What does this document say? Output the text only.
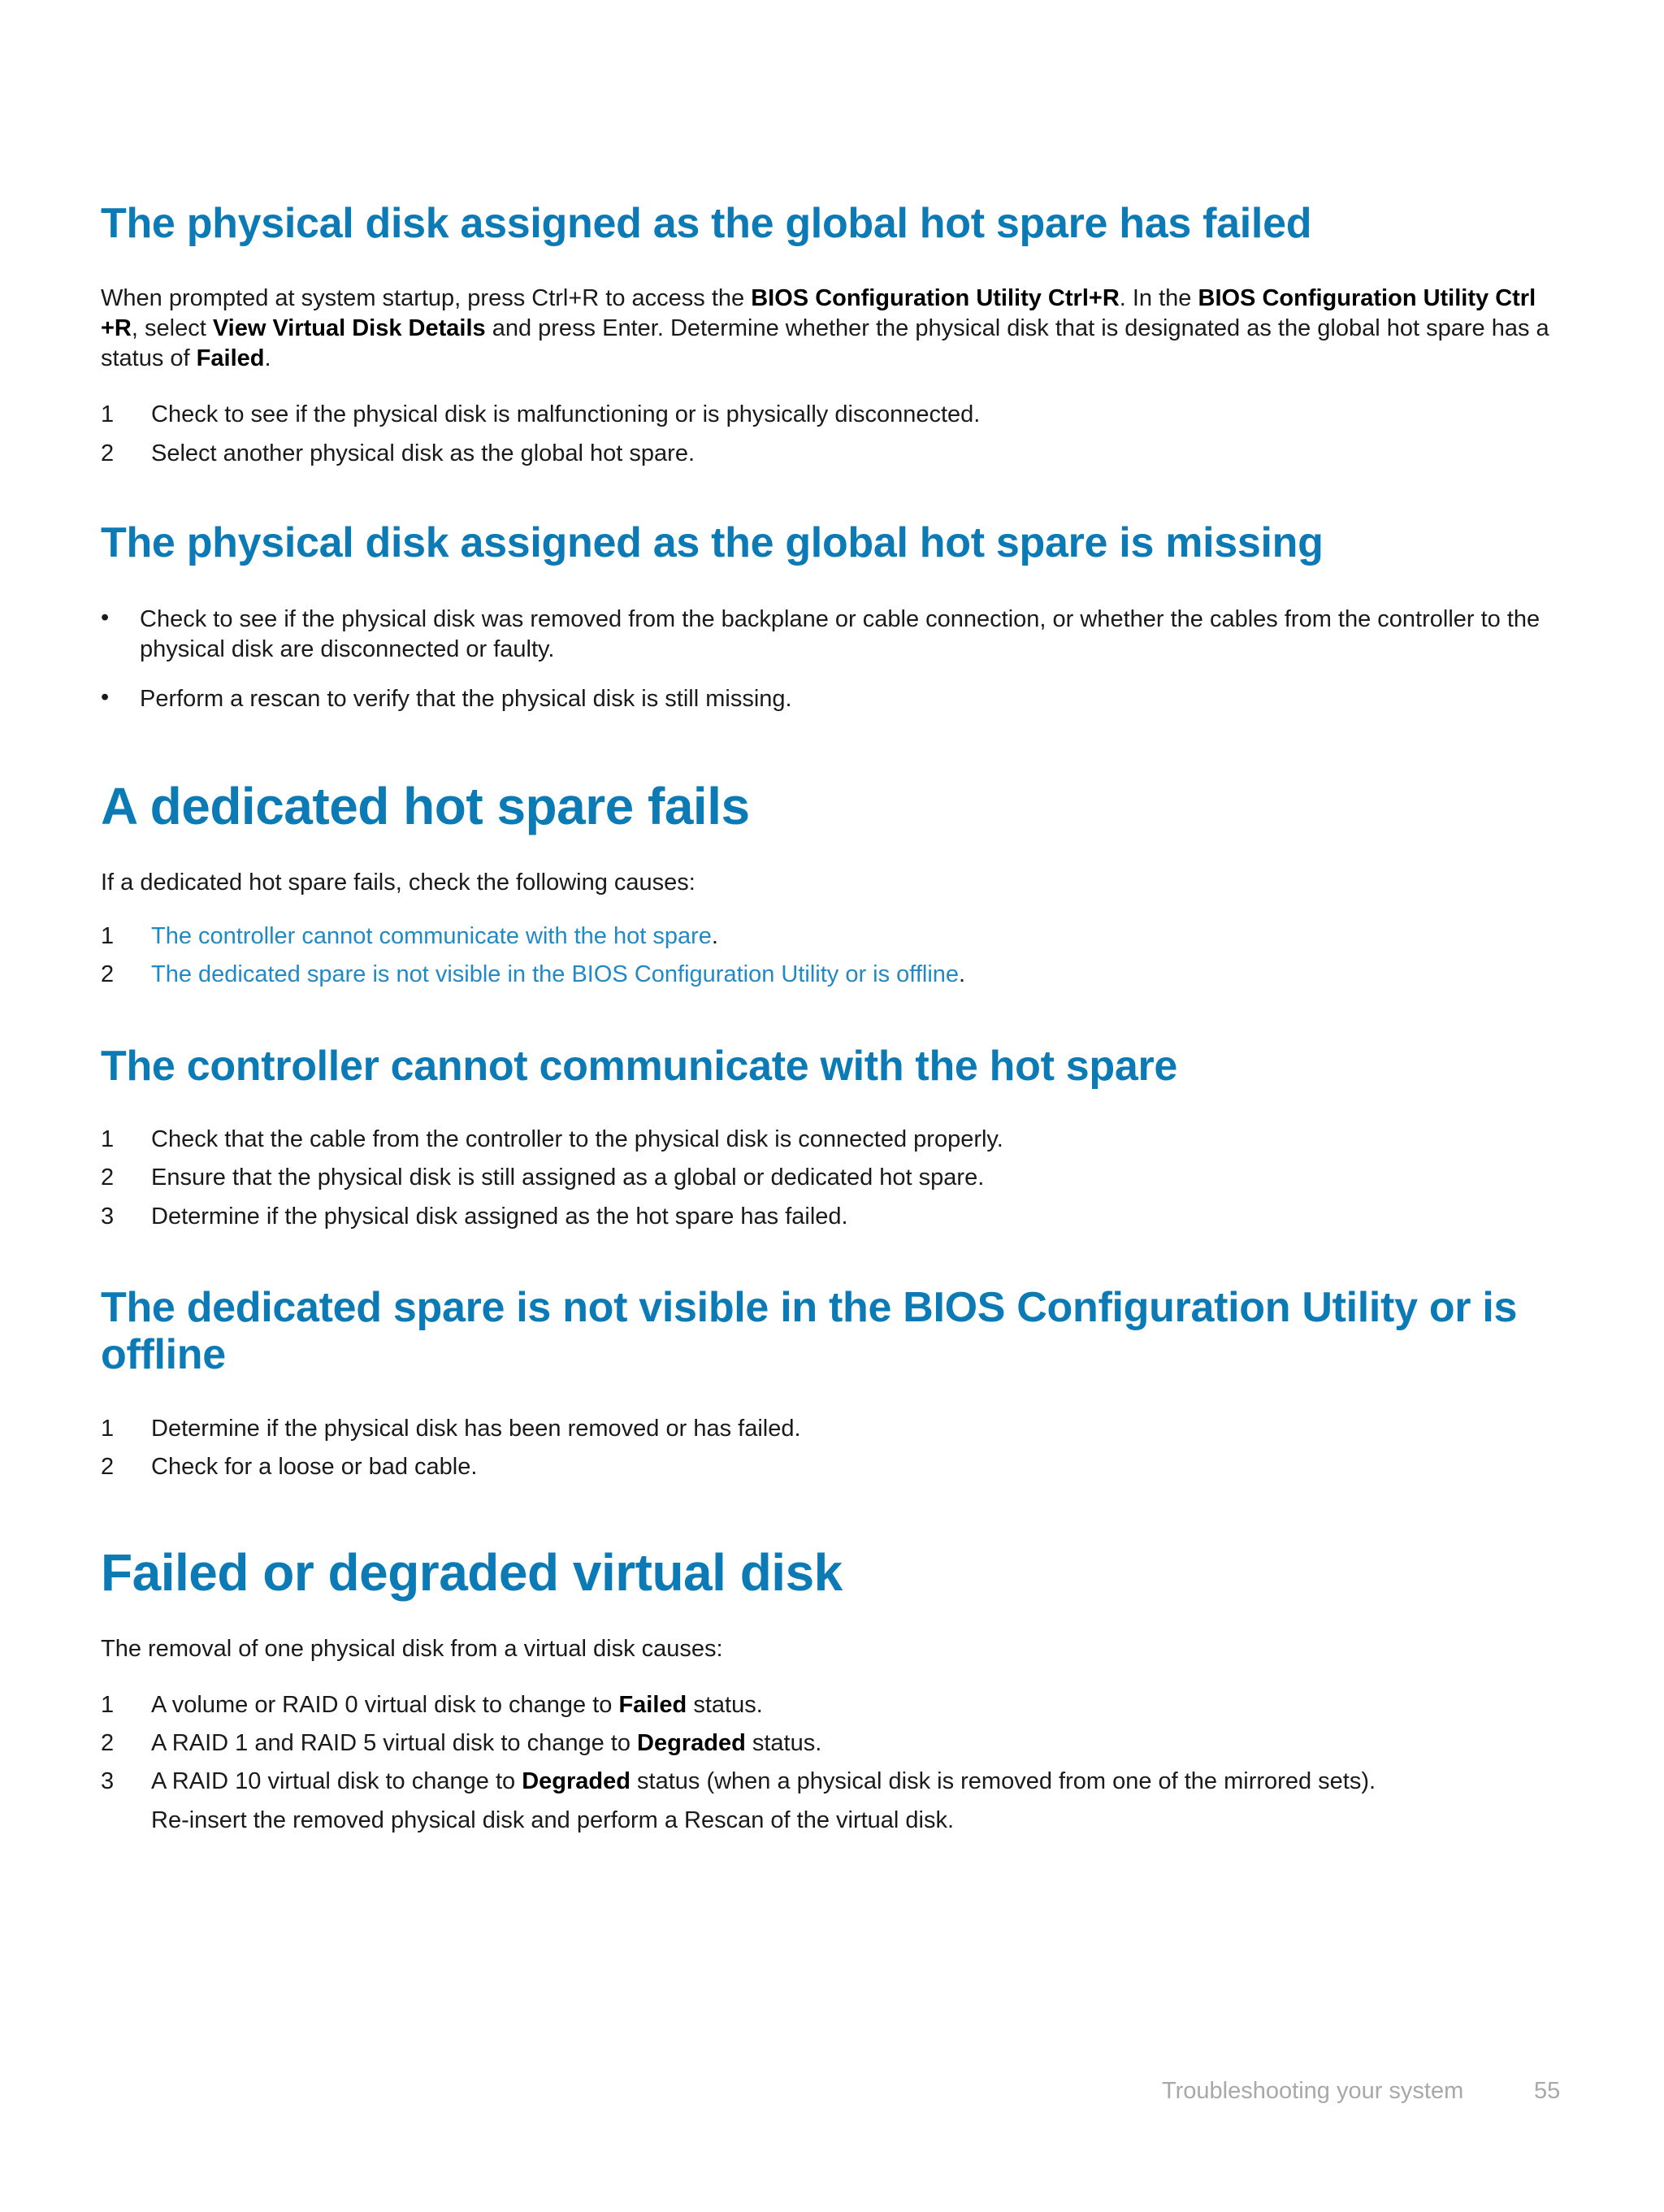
The physical disk assigned as the global hot spare has failed

When prompted at system startup, press Ctrl+R to access the BIOS Configuration Utility Ctrl+R. In the BIOS Configuration Utility Ctrl
+R, select View Virtual Disk Details and press Enter. Determine whether the physical disk that is designated as the global hot spare has a
status of Failed.

1	Check to see if the physical disk is malfunctioning or is physically disconnected.
2	Select another physical disk as the global hot spare.
The physical disk assigned as the global hot spare is missing
•	Check to see if the physical disk was removed from the backplane or cable connection, or whether the cables from the controller to the
physical disk are disconnected or faulty.
•	Perform a rescan to verify that the physical disk is still missing.
A dedicated hot spare fails

If a dedicated hot spare fails, check the following causes:

1	The controller cannot communicate with the hot spare.
2	The dedicated spare is not visible in the BIOS Configuration Utility or is offline.
The controller cannot communicate with the hot spare
1	Check that the cable from the controller to the physical disk is connected properly.
2	Ensure that the physical disk is still assigned as a global or dedicated hot spare.
3	Determine if the physical disk assigned as the hot spare has failed.
The dedicated spare is not visible in the BIOS Configuration Utility or is
offline
1	Determine if the physical disk has been removed or has failed.
2	Check for a loose or bad cable.
Failed or degraded virtual disk

The removal of one physical disk from a virtual disk causes:

1	A volume or RAID 0 virtual disk to change to Failed status.
2	A RAID 1 and RAID 5 virtual disk to change to Degraded status.
3	A RAID 10 virtual disk to change to Degraded status (when a physical disk is removed from one of the mirrored sets).
Re-insert the removed physical disk and perform a Rescan of the virtual disk.
Troubleshooting your system	55
